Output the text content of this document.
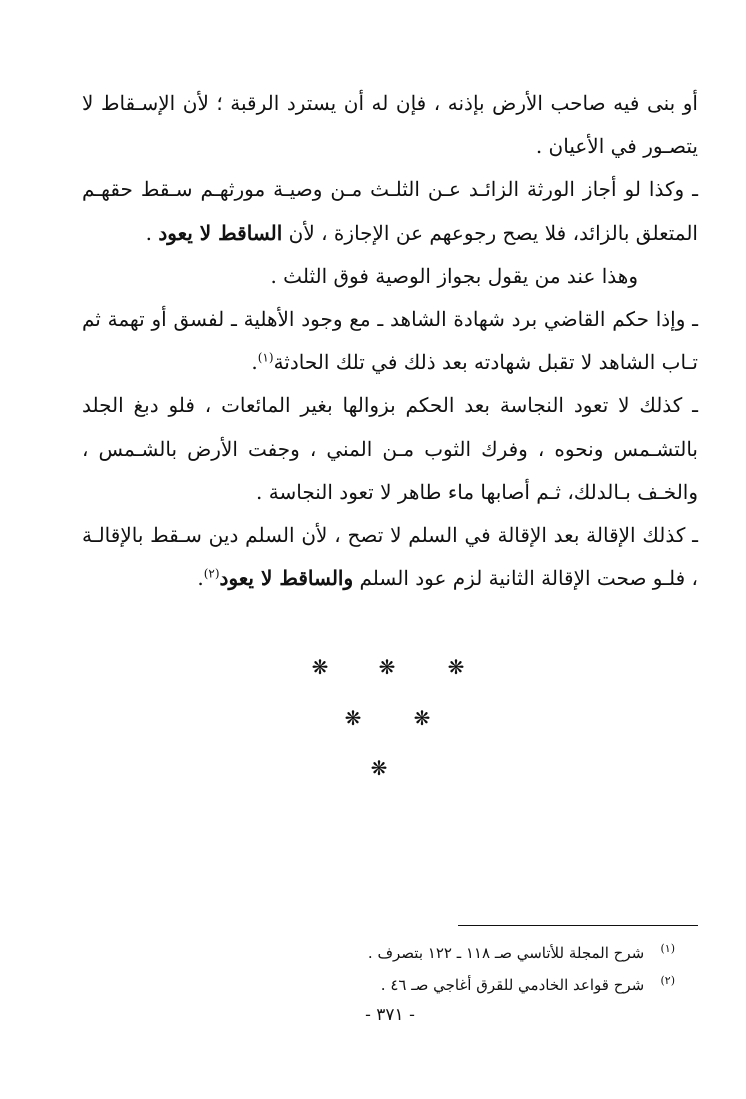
أو بنى فيه صاحب الأرض بإذنه ، فإن له أن يسترد الرقبة ؛ لأن الإسـقاط لا يتصـور في الأعيان .

ـ وكذا لو أجاز الورثة الزائـد عـن الثلـث مـن وصيـة مورثهـم سـقط حقهـم المتعلق بالزائد، فلا يصح رجوعهم عن الإجازة ، لأن الساقط لا يعود .

وهذا عند من يقول بجواز الوصية فوق الثلث .

ـ وإذا حكم القاضي برد شهادة الشاهد ـ مع وجود الأهلية ـ لفسق أو تهمة ثم تـاب الشاهد لا تقبل شهادته بعد ذلك في تلك الحادثة$^{(١)}$.

ـ كذلك لا تعود النجاسة بعد الحكم بزوالها بغير المائعات ، فلو دبغ الجلد بالتشـمس ونحوه ، وفرك الثوب مـن المني ، وجفت الأرض بالشـمس ، والخـف بـالدلك، ثـم أصابها ماء طاهر لا تعود النجاسة .

ـ كذلك الإقالة بعد الإقالة في السلم لا تصح ، لأن السلم دين سـقط بالإقالـة ، فلـو صحت الإقالة الثانية لزم عود السلم والساقط لا يعود$^{(٢)}$.

❋	❋	❋
❋	❋
❋

(١) شرح المجلة للأتاسي صـ ١١٨ ـ ١٢٢ بتصرف .

(٢) شرح قواعد الخادمي للقرق أغاجي صـ ٤٦ .

- ٣٧١ -
